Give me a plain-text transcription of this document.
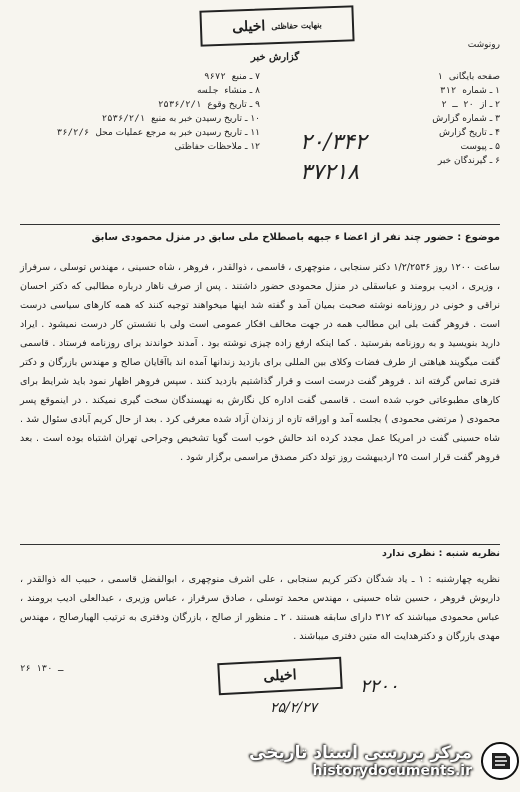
اخیلی بنهایت حفاظتی
رونوشت
گزارش خبر
صفحه بایگانی
۱
۱ ـ شماره
۳۱۲
۲ ـ از
۲۰ ـ ۲
۳ ـ شماره گزارش
۴ ـ تاریخ گزارش
۵ ـ پیوست
۶ ـ گیرندگان خبر
۷ ـ منبع
۹۶۷۲
۸ ـ منشاء
جلسه
۹ ـ تاریخ وقوع
۲۵۳۶/۲/۱
۱۰ ـ تاریخ رسیدن خبر به منبع
۲۵۳۶/۲/۱
۱۱ ـ تاریخ رسیدن خبر به مرجع عملیات محل
۳۶/۲/۶
۱۲ ـ ملاحظات حفاظتی ۲۰/۳۴۲
۳۷۲۱۸
موضوع : حضور چند نفر از اعضا ء جبهه باصطلاح ملی سابق در منزل محمودی سابق

ساعت ۱۲۰۰ روز ۱/۲/۲۵۳۶ دکتر سنجابی ، منوچهری ، قاسمی ، ذوالقدر ، فروهر ، شاه حسینی ، مهندس توسلی ، سرفراز ، وزیری ، ادیب برومند و عباسقلی در منزل محمودی حضور داشتند . پس از صرف ناهار درباره مطالبی که دکتر احسان نراقی و خونی در روزنامه نوشته صحبت بمیان آمد و گفته شد اینها میخواهند توجیه کنند که همه کارهای سیاسی درست است . فروهر گفت بلی این مطالب همه در جهت مخالف افکار عمومی است ولی با نشستن کار درست نمیشود . ایراد دارید بنویسید و به روزنامه بفرستید . کما اینکه ارفع زاده چیزی نوشته بود . آمدند خواندند برای روزنامه فرستاد . قاسمی گفت میگویند هیاهتی از طرف فضات وکلای بین المللی برای بازدید زندانها آمده اند باآقایان صالح و مهندس بازرگان و دکتر فتری تماس گرفته اند . فروهر گفت درست است و قرار گذاشتیم بازدید کنند . سپس فروهر اظهار نمود باید شرایط برای کارهای مطبوعاتی خوب شده است . قاسمی گفت اداره کل نگارش به نهیسندگان سخت گیری نمیکند . در اینموقع پسر محمودی ( مرتضی محمودی ) بجلسه آمد و اوراقه تازه از زندان آزاد شده معرفی کرد . بعد از حال کریم آبادی سئوال شد . شاه حسینی گفت در امریکا عمل مجدد کرده اند حالش خوب است گویا تشخیص وجراحی تهران اشتباه بوده است . بعد فروهر گفت قرار است ۲۵ اردیبهشت روز تولد دکتر مصدق مراسمی برگزار شود .

نظریه شنبه : نظری ندارد
نظریه چهارشنبه : ۱ ـ یاد شدگان دکتر کریم سنجابی ، علی اشرف منوچهری ، ابوالفضل قاسمی ، حبیب اله ذوالقدر ، داریوش فروهر ، حسین شاه حسینی ، مهندس محمد توسلی ، صادق سرفراز ، عباس وزیری ، عبدالعلی ادیب برومند ، عباس محمودی میباشند که ۳۱۲ دارای سابقه هستند . ۲ ـ منظور از صالح ، بازرگان ودفتری به ترتیب الهیارصالح ، مهندس مهدی بازرگان و دکترهدایت اله متین دفتری میباشند .
۲۶ ـ ۱۳۰	اخیلی	۲۲۰۰
۲۵/۲/۲۷
مرکز بررسی اسناد تاریخی
historydocuments.ir
